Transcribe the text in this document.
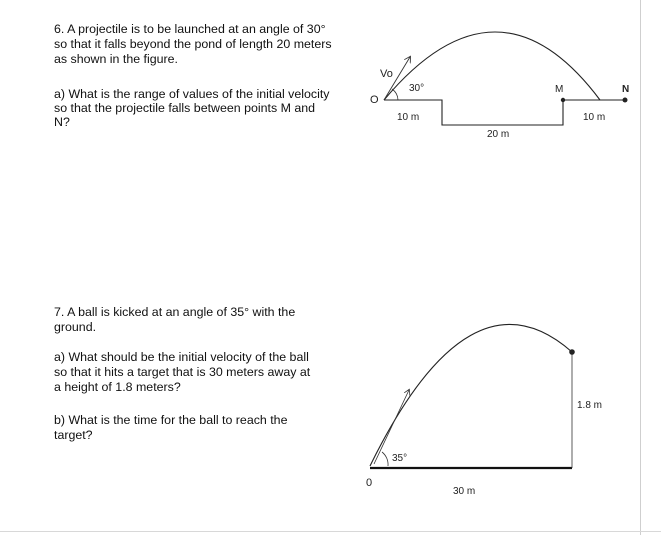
6. A projectile is to be launched at an angle of 30°
so that it falls beyond the pond of length 20 meters
as shown in the figure.
a) What is the range of values of the initial velocity
so that the projectile falls between points M and
N?
7. A ball is kicked at an angle of 35° with the
ground.
a) What should be the initial velocity of the ball
so that it hits a target that is 30 meters away at
a height of 1.8 meters?
b) What is the time for the ball to reach the
target?
Vo
O
30°	M	N
10 m
20 m
10 m
35°
0
1.8 m
30 m
